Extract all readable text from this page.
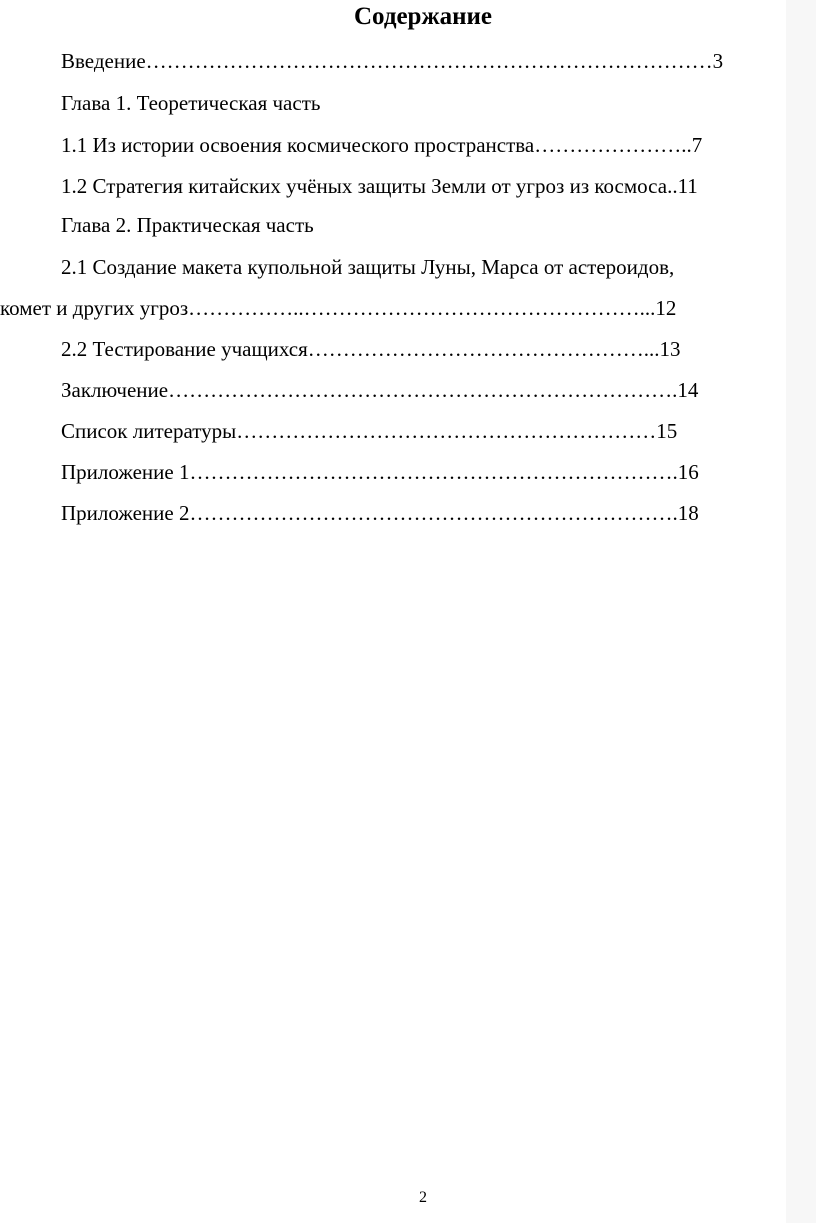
Содержание
Введение………………………………………………………………………3
Глава 1. Теоретическая часть
1.1 Из истории освоения космического пространства…………………..7
1.2 Стратегия китайских учёных защиты Земли от угроз из космоса..11
Глава 2. Практическая часть
2.1 Создание макета купольной защиты Луны, Марса от астероидов,
комет и других угроз……………..…………………………………………...12
2.2 Тестирование учащихся…………………………………………...13
Заключение……………………………………………………………….14
Список литературы……………………………………………………15
Приложение 1…………………………………………………………….16
Приложение 2…………………………………………………………….18
2
